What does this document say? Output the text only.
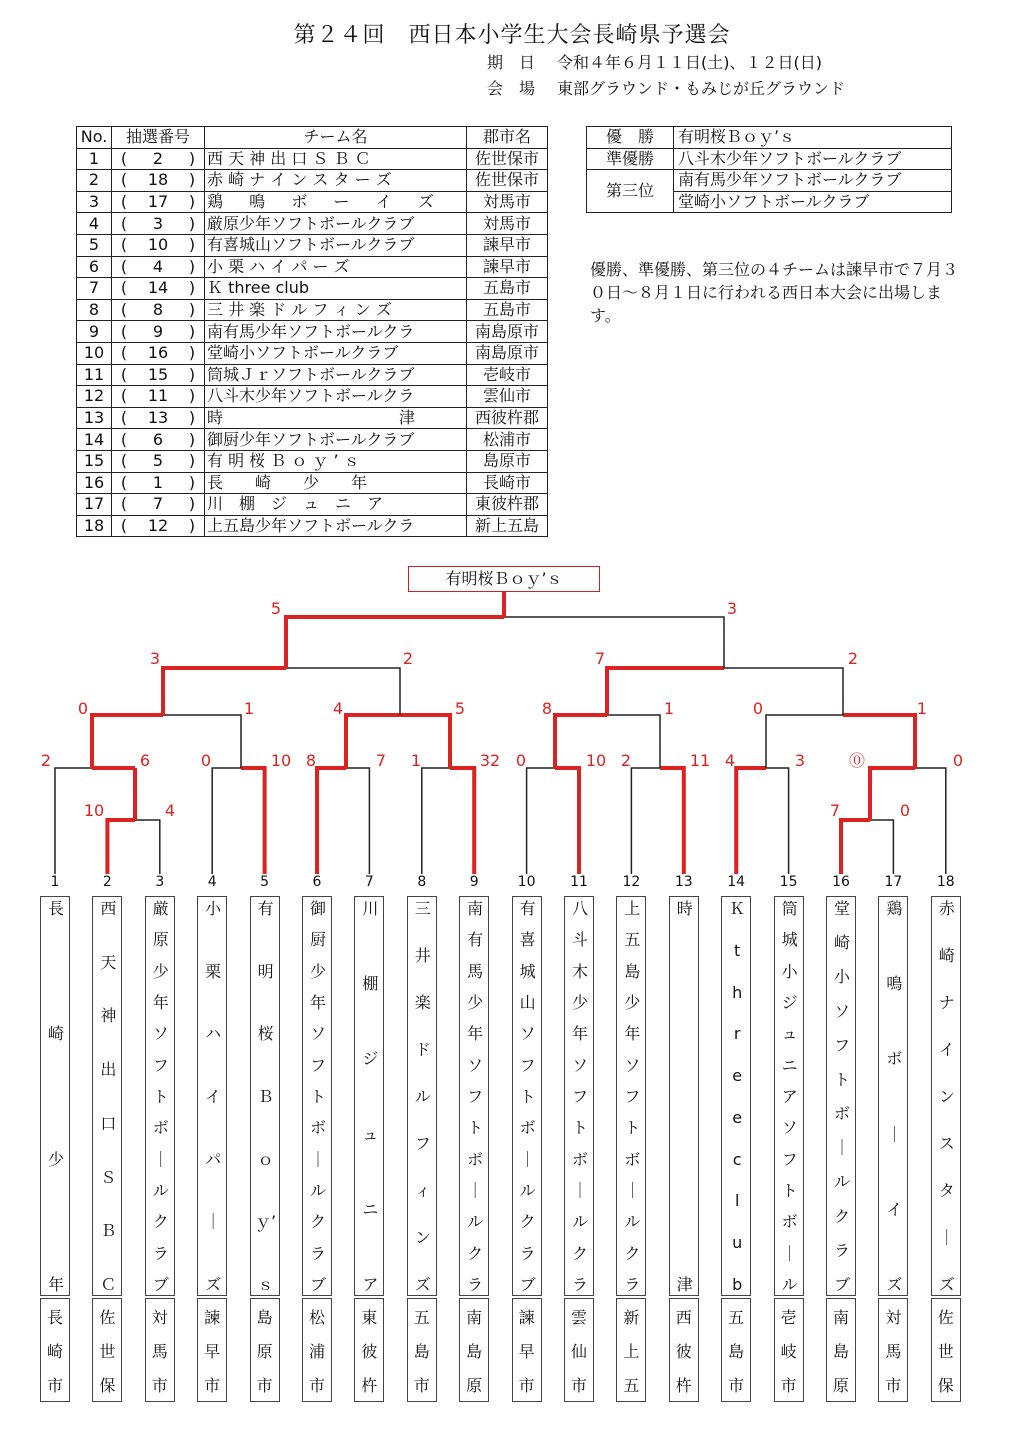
第２４回　西日本小学生大会長崎県予選会
期　日 令和４年６月１１日(土)、１２日(日)
会　場 東部グラウンド・もみじが丘グラウンド
No.	抽選番号	チーム名	郡市名
1	( 2 )	西 天 神 出 口 Ｓ Ｂ Ｃ	佐世保市
2	( 18 )	赤 崎 ナ イ ン ス タ ー ズ	佐世保市
3	( 17 )	鶏 　 鳴 　 ボ 　 ー 　 イ 　 ズ	対馬市
4	( 3 )	厳原少年ソフトボールクラブ	対馬市
5	( 10 )	有喜城山ソフトボールクラブ	諫早市
6	( 4 )	小 栗 ハ イ パ ー ズ	諫早市
7	( 14 )	Ｋ three club	五島市
8	( 8 )	三 井 楽 ド ル フ ィ ン ズ	五島市
9	( 9 )	南有馬少年ソフトボールクラ	南島原市
10	( 16 )	堂崎小ソフトボールクラブ	南島原市
11	( 15 )	筒城Ｊｒソフトボールクラブ	壱岐市
12	( 11 )	八斗木少年ソフトボールクラ	雲仙市
13	( 13 )	時　　　　　　　　　　　津	西彼杵郡
14	( 6 )	御厨少年ソフトボールクラブ	松浦市
15	( 5 )	有 明 桜 Ｂ ｏ ｙ ’ ｓ	島原市
16	( 1 )	長　　崎　　少　　年	長崎市
17	( 7 )	川　棚　ジ　ュ　ニ　ア	東彼杵郡
18	( 12 )	上五島少年ソフトボールクラ	新上五島
優　勝	有明桜Ｂｏｙ’ｓ
準優勝	八斗木少年ソフトボールクラブ
第三位	南有馬少年ソフトボールクラブ
	堂崎小ソフトボールクラブ
優勝、準優勝、第三位の４チームは諫早市で７月３０日～８月１日に行われる西日本大会に出場します。
5	3
3	2	7	2
0	1	4	5	8	1	0	1
2	6	0	10 8	7 1	32 0	10 2	11 4	3	⓪	0
10	4	7	0
有明桜Ｂｏｙ’ｓ
1
長
崎
少
年
長
崎
市
2
西
天
神
出
口
Ｓ
Ｂ
Ｃ
佐
世
保
3
厳
原
少
年
ソ
フ
ト
ボ
｜
ル
ク
ラ
ブ
対
馬
市
4
小
栗
ハ
イ
パ
｜
ズ
諫
早
市
5
有
明
桜
Ｂ
ｏ
ｙ’
ｓ
島
原
市
6
御
厨
少
年
ソ
フ
ト
ボ
｜
ル
ク
ラ
ブ
松
浦
市
7
川
棚
ジ
ュ
ニ
ア
東
彼
杵
8
三
井
楽
ド
ル
フ
ィ
ン
ズ
五
島
市
9
南
有
馬
少
年
ソ
フ
ト
ボ
｜
ル
ク
ラ
南
島
原
10
有
喜
城
山
ソ
フ
ト
ボ
｜
ル
ク
ラ
ブ
諫
早
市
11
八
斗
木
少
年
ソ
フ
ト
ボ
｜
ル
ク
ラ
雲
仙
市
12
上
五
島
少
年
ソ
フ
ト
ボ
｜
ル
ク
ラ
新
上
五
13
時
津
西
彼
杵
14
Ｋ
t
h
r
e
e
c
l
u
b
五
島
市
15
筒
城
小
ジ
ュ
ニ
ア
ソ
フ
ト
ボ
｜
ル
壱
岐
市
16
堂
崎
小
ソ
フ
ト
ボ
｜
ル
ク
ラ
ブ
南
島
原
17
鶏
鳴
ボ
｜
イ
ズ
対
馬
市
18
赤
崎
ナ
イ
ン
ス
タ
｜
ズ
佐
世
保
